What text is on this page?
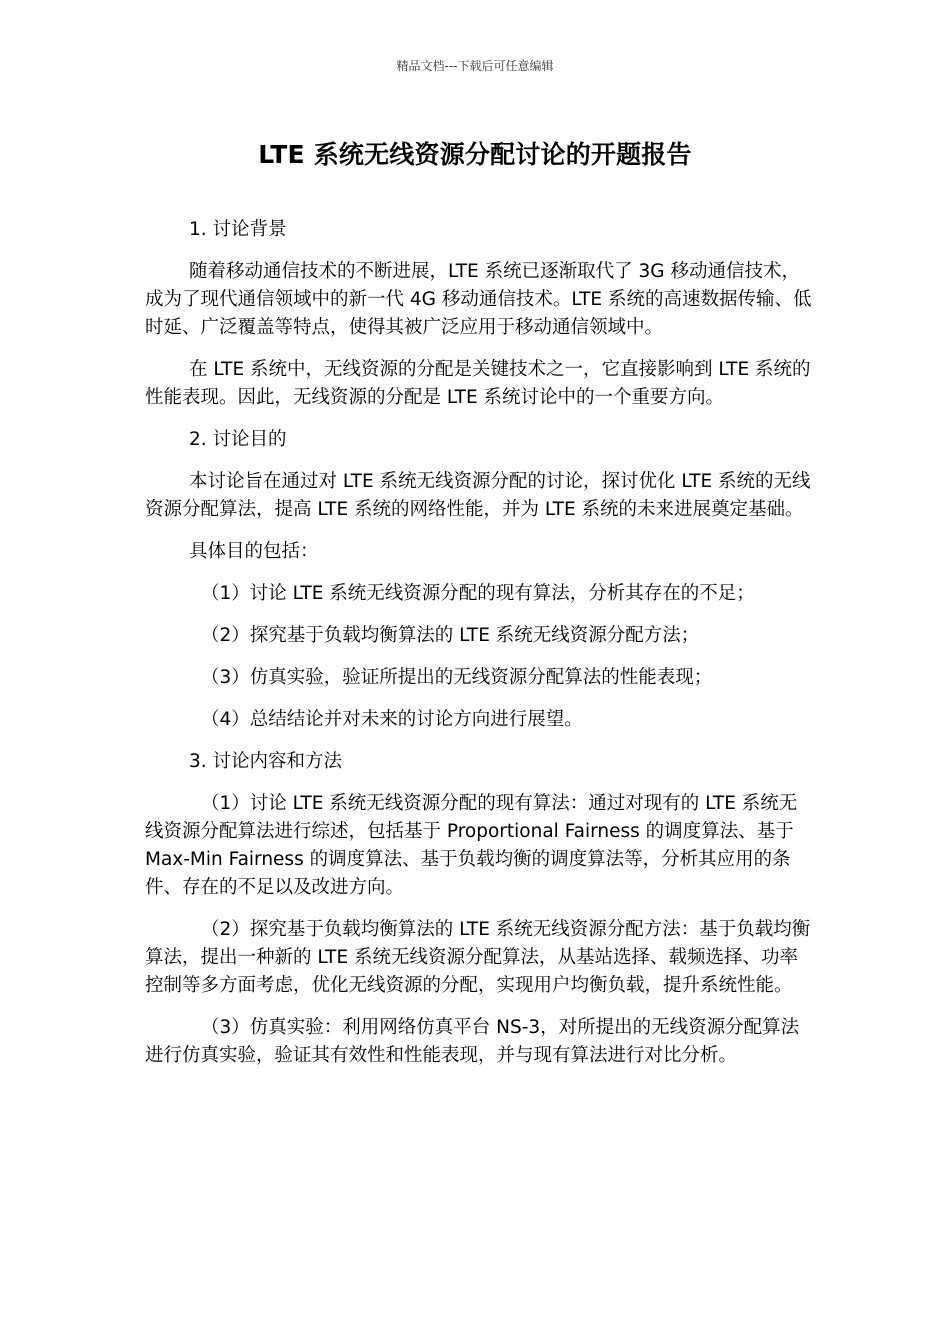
精品文档---下载后可任意编辑
LTE 系统无线资源分配讨论的开题报告

1. 讨论背景

随着移动通信技术的不断进展，LTE 系统已逐渐取代了 3G 移动通信技术，成为了现代通信领域中的新一代 4G 移动通信技术。LTE 系统的高速数据传输、低时延、广泛覆盖等特点，使得其被广泛应用于移动通信领域中。

在 LTE 系统中，无线资源的分配是关键技术之一，它直接影响到 LTE 系统的性能表现。因此，无线资源的分配是 LTE 系统讨论中的一个重要方向。

2. 讨论目的

本讨论旨在通过对 LTE 系统无线资源分配的讨论，探讨优化 LTE 系统的无线资源分配算法，提高 LTE 系统的网络性能，并为 LTE 系统的未来进展奠定基础。

具体目的包括：

（1）讨论 LTE 系统无线资源分配的现有算法，分析其存在的不足；

（2）探究基于负载均衡算法的 LTE 系统无线资源分配方法；

（3）仿真实验，验证所提出的无线资源分配算法的性能表现；

（4）总结结论并对未来的讨论方向进行展望。

3. 讨论内容和方法

（1）讨论 LTE 系统无线资源分配的现有算法：通过对现有的 LTE 系统无线资源分配算法进行综述，包括基于 Proportional Fairness 的调度算法、基于 Max-Min Fairness 的调度算法、基于负载均衡的调度算法等，分析其应用的条件、存在的不足以及改进方向。

（2）探究基于负载均衡算法的 LTE 系统无线资源分配方法：基于负载均衡算法，提出一种新的 LTE 系统无线资源分配算法，从基站选择、载频选择、功率控制等多方面考虑，优化无线资源的分配，实现用户均衡负载，提升系统性能。

（3）仿真实验：利用网络仿真平台 NS-3，对所提出的无线资源分配算法进行仿真实验，验证其有效性和性能表现，并与现有算法进行对比分析。
